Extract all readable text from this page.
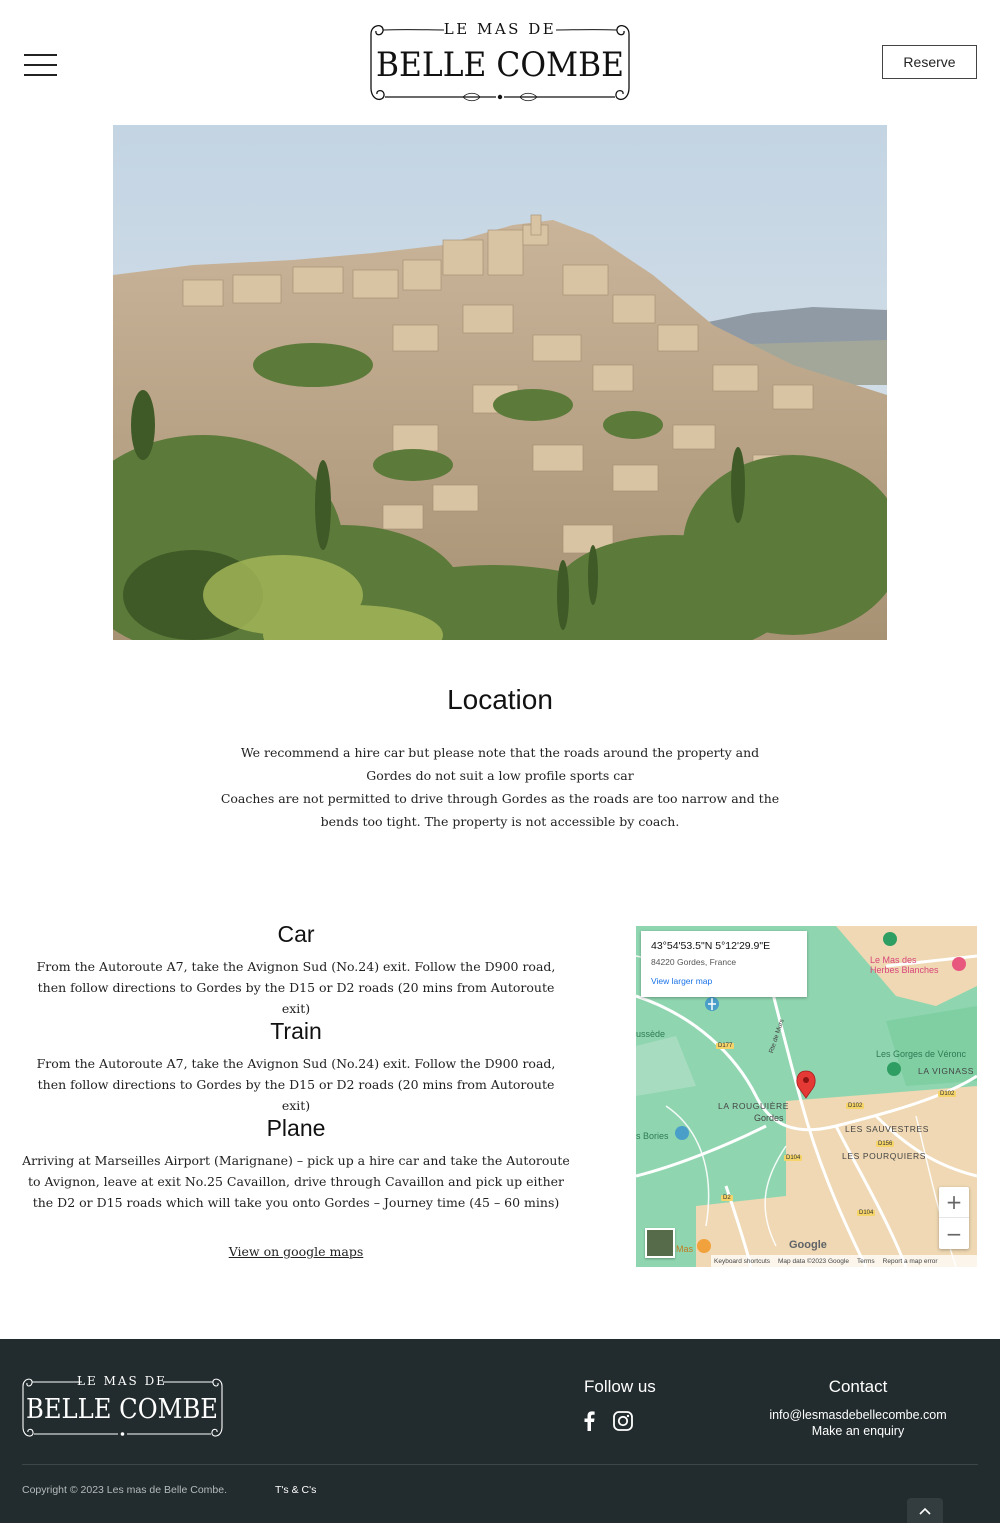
LE MAS DE
BELLE COMBE	Reserve
Location

We recommend a hire car but please note that the roads around the property and Gordes do not suit a low profile sports car

Coaches are not permitted to drive through Gordes as the roads are too narrow and the bends too tight. The property is not accessible by coach.

Car

From the Autoroute A7, take the Avignon Sud (No.24) exit. Follow the D900 road, then follow directions to Gordes by the D15 or D2 roads (20 mins from Autoroute exit)

Train

From the Autoroute A7, take the Avignon Sud (No.24) exit. Follow the D900 road, then follow directions to Gordes by the D15 or D2 roads (20 mins from Autoroute exit)

Plane

Arriving at Marseilles Airport (Marignane) – pick up a hire car and take the Autoroute to Avignon, leave at exit No.25 Cavaillon, drive through Cavaillon and pick up either the D2 or D15 roads which will take you onto Gordes – Journey time (45 – 60 mins)

View on google maps
Le Mas des
Herbes Blanches
Les Gorges de Véronc
LA VIGNASS
LA ROUGUIÈRE
Gordes
LES SAUVESTRES
LES POURQUIERS
s Bories
ussède
Mas
Rte de Murs
D177
D102
D102
D156
D104
D104
D2
43°54'53.5"N 5°12'29.9"E
84220 Gordes, France
View larger map
Google
+
−
Keyboard shortcuts Map data ©2023 Google Terms Report a map error
LE MAS DE
BELLE COMBE
Follow us	Contact
info@lesmasdebellecombe.com
Make an enquiry
Copyright © 2023 Les mas de Belle Combe.	T's & C's
